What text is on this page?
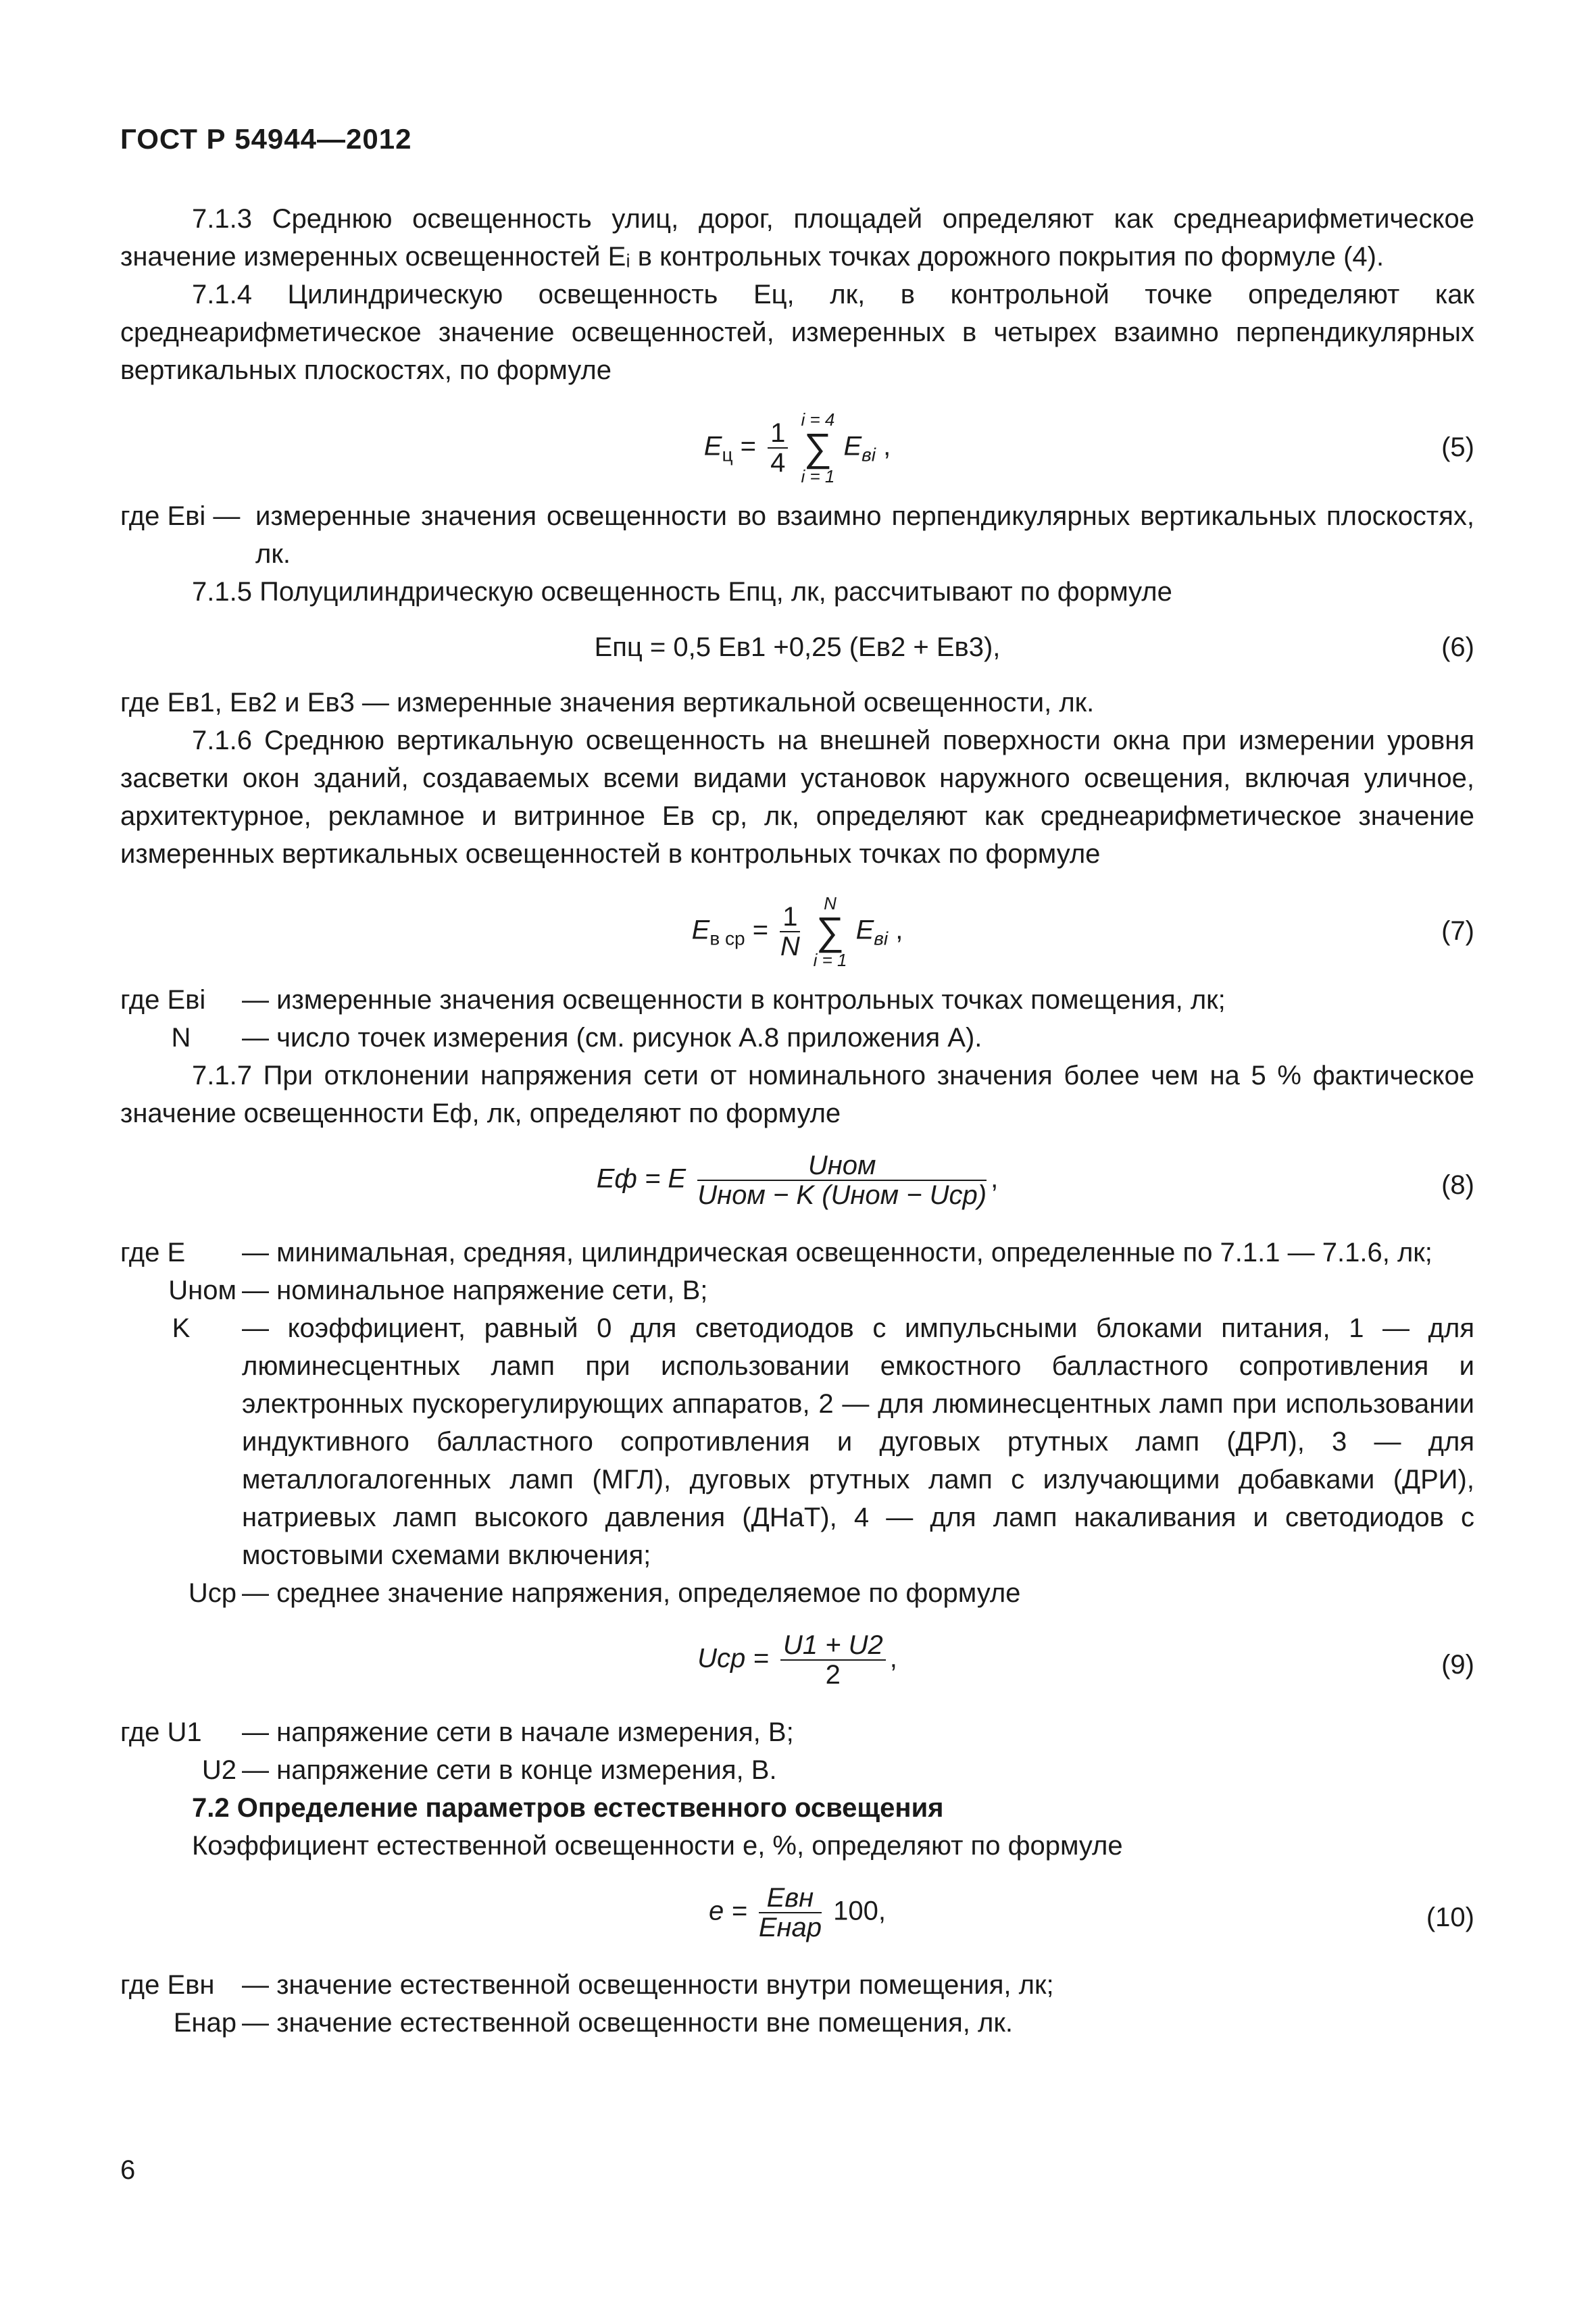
ГОСТ Р 54944—2012

7.1.3 Среднюю освещенность улиц, дорог, площадей определяют как среднеарифметическое значение измеренных освещенностей Eᵢ в контрольных точках дорожного покрытия по формуле (4).

7.1.4 Цилиндрическую освещенность Eц, лк, в контрольной точке определяют как среднеарифметическое значение освещенностей, измеренных в четырех взаимно перпендикулярных вертикальных плоскостях, по формуле

$E_ц = \frac{1}{4}$
i = 4
∑
i = 1
$E_{вi}$ ,	(5)
где Eвi — измеренные значения освещенности во взаимно перпендикулярных вертикальных плоскостях, лк.

7.1.5 Полуцилиндрическую освещенность Eпц, лк, рассчитывают по формуле

Eпц = 0,5 Eв1 +0,25 (Eв2 + Eв3),	(6)

где Eв1, Eв2 и Eв3 — измеренные значения вертикальной освещенности, лк.

7.1.6 Среднюю вертикальную освещенность на внешней поверхности окна при измерении уровня засветки окон зданий, создаваемых всеми видами установок наружного освещения, включая уличное, архитектурное, рекламное и витринное Eв ср, лк, определяют как среднеарифметическое значение измеренных вертикальных освещенностей в контрольных точках по формуле

$E_{в ср} = \frac{1}{N}$
	N
∑
i = 1
$E_{вi}$ ,	(7)
где Eвi	— измеренные значения освещенности в контрольных точках помещения, лк;
N	— число точек измерения (см. рисунок А.8 приложения А).

7.1.7 При отклонении напряжения сети от номинального значения более чем на 5 % фактическое значение освещенности Eф, лк, определяют по формуле

Eф = E $\frac{\text{Uном}}{\text{Uном − K (Uном − Uср)}}$ ,	(8)
где E	— минимальная, средняя, цилиндрическая освещенности, определенные по 7.1.1 — 7.1.6, лк;
Uном — номинальное напряжение сети, В;
K	— коэффициент, равный 0 для светодиодов с импульсными блоками питания, 1 — для люминесцентных ламп при использовании емкостного балластного сопротивления и электронных пускорегулирующих аппаратов, 2 — для люминесцентных ламп при использовании индуктивного балластного сопротивления и дуговых ртутных ламп (ДРЛ), 3 — для металлогалогенных ламп (МГЛ), дуговых ртутных ламп с излучающими добавками (ДРИ), натриевых ламп высокого давления (ДНаТ), 4 — для ламп накаливания и светодиодов с мостовыми схемами включения;
Uср — среднее значение напряжения, определяемое по формуле
Uср = $\frac{U1 + U2}{2}$ ,	(9)
где U1	— напряжение сети в начале измерения, В;
U2 — напряжение сети в конце измерения, В.

7.2 Определение параметров естественного освещения

Коэффициент естественной освещенности e, %, определяют по формуле

$e = \frac{\text{Eвн}}{\text{Eнар}} 100$,	(10)
где Eвн	— значение естественной освещенности внутри помещения, лк;
Eнар — значение естественной освещенности вне помещения, лк.
6
